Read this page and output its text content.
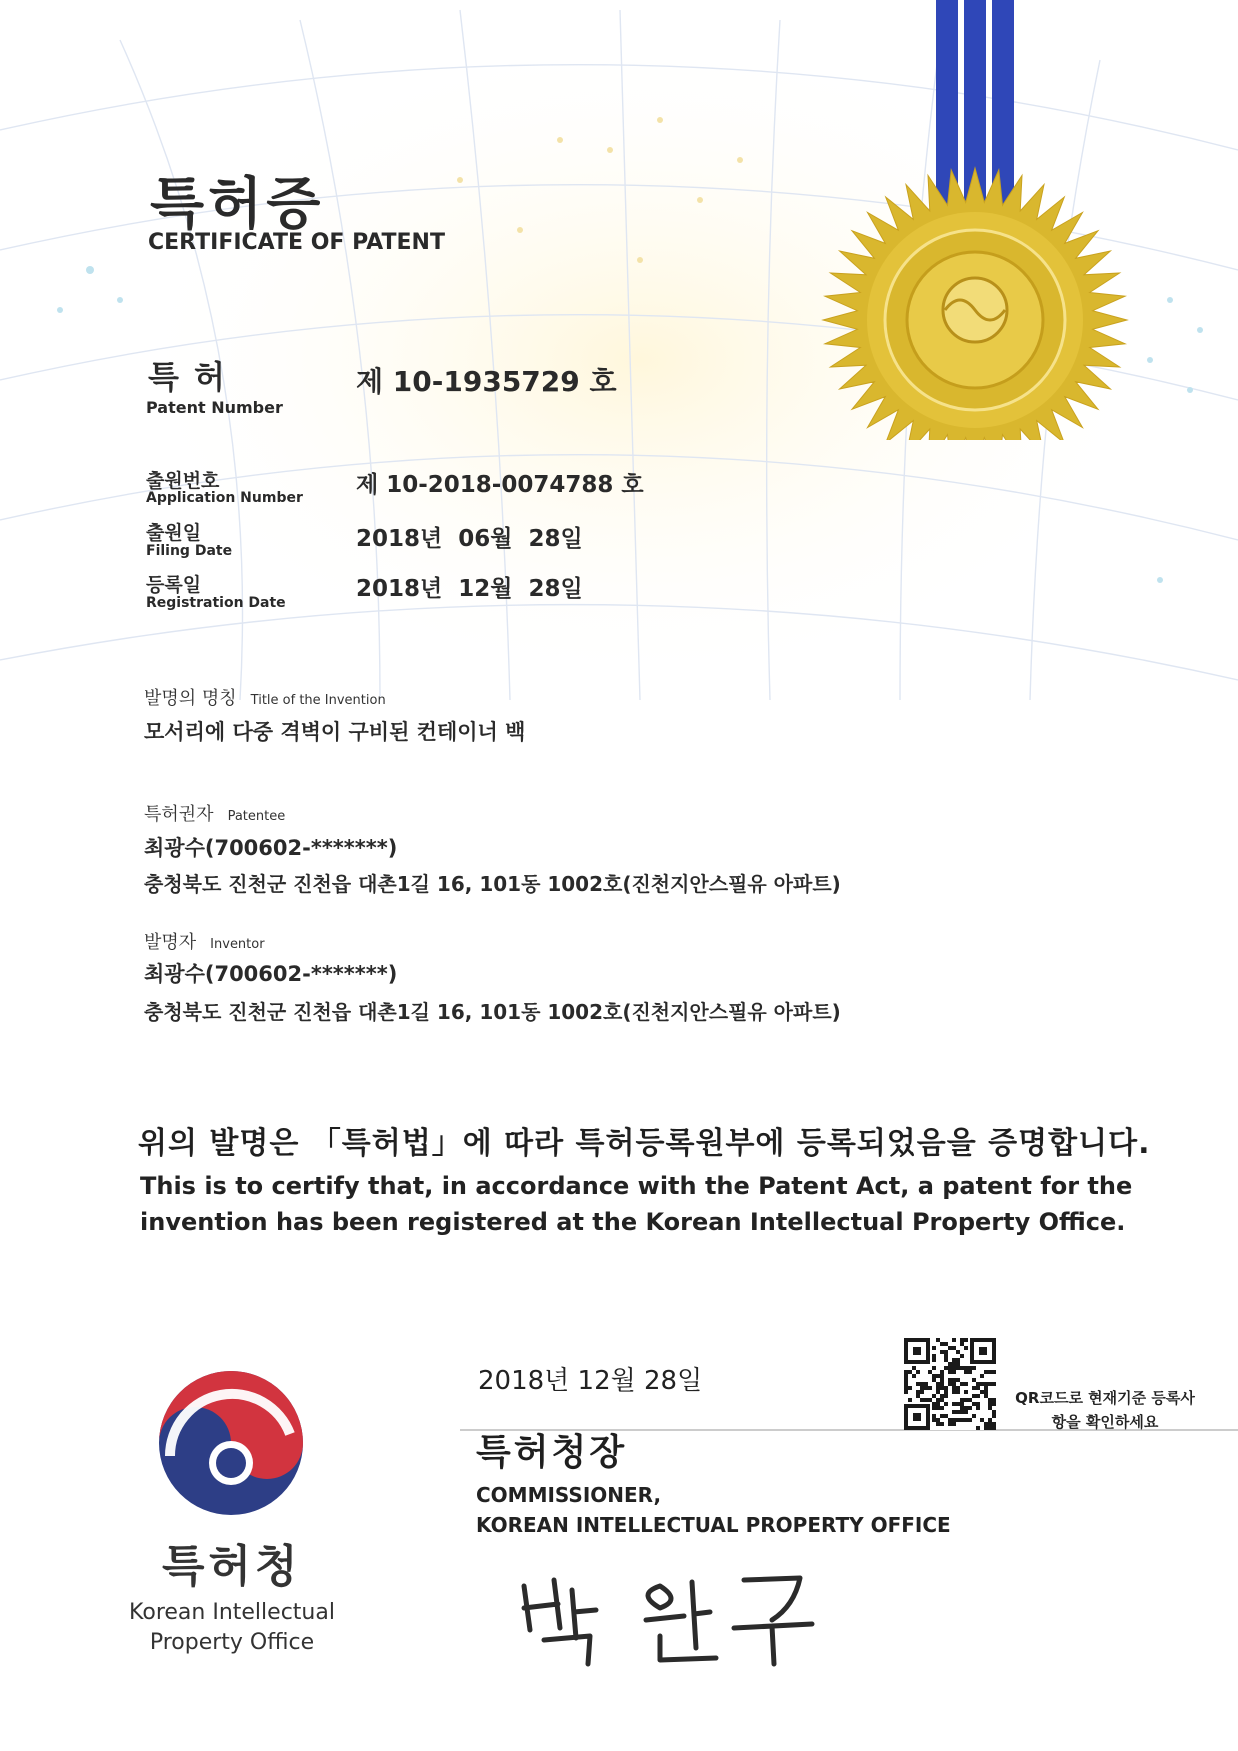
특허증
CERTIFICATE OF PATENT
특 허
Patent Number
제 10-1935729 호
출원번호
Application Number 제 10-2018-0074788 호
출원일
Filing Date	2018년  06월  28일
등록일
Registration Date
2018년  12월  28일
발명의 명칭 Title of the Invention
모서리에 다중 격벽이 구비된 컨테이너 백
특허권자 Patentee
최광수(700602-*******)
충청북도 진천군 진천읍 대촌1길 16, 101동 1002호(진천지안스필유 아파트)
발명자 Inventor
최광수(700602-*******)
충청북도 진천군 진천읍 대촌1길 16, 101동 1002호(진천지안스필유 아파트)
위의 발명은 「특허법」에 따라 특허등록원부에 등록되었음을 증명합니다.
This is to certify that, in accordance with the Patent Act, a patent for the invention has been registered at the Korean Intellectual Property Office.
2018년 12월 28일
QR코드로 현재기준 등록사항을 확인하세요
특허청장
COMMISSIONER,
KOREAN INTELLECTUAL PROPERTY OFFICE
특허청
Korean Intellectual Property Office
